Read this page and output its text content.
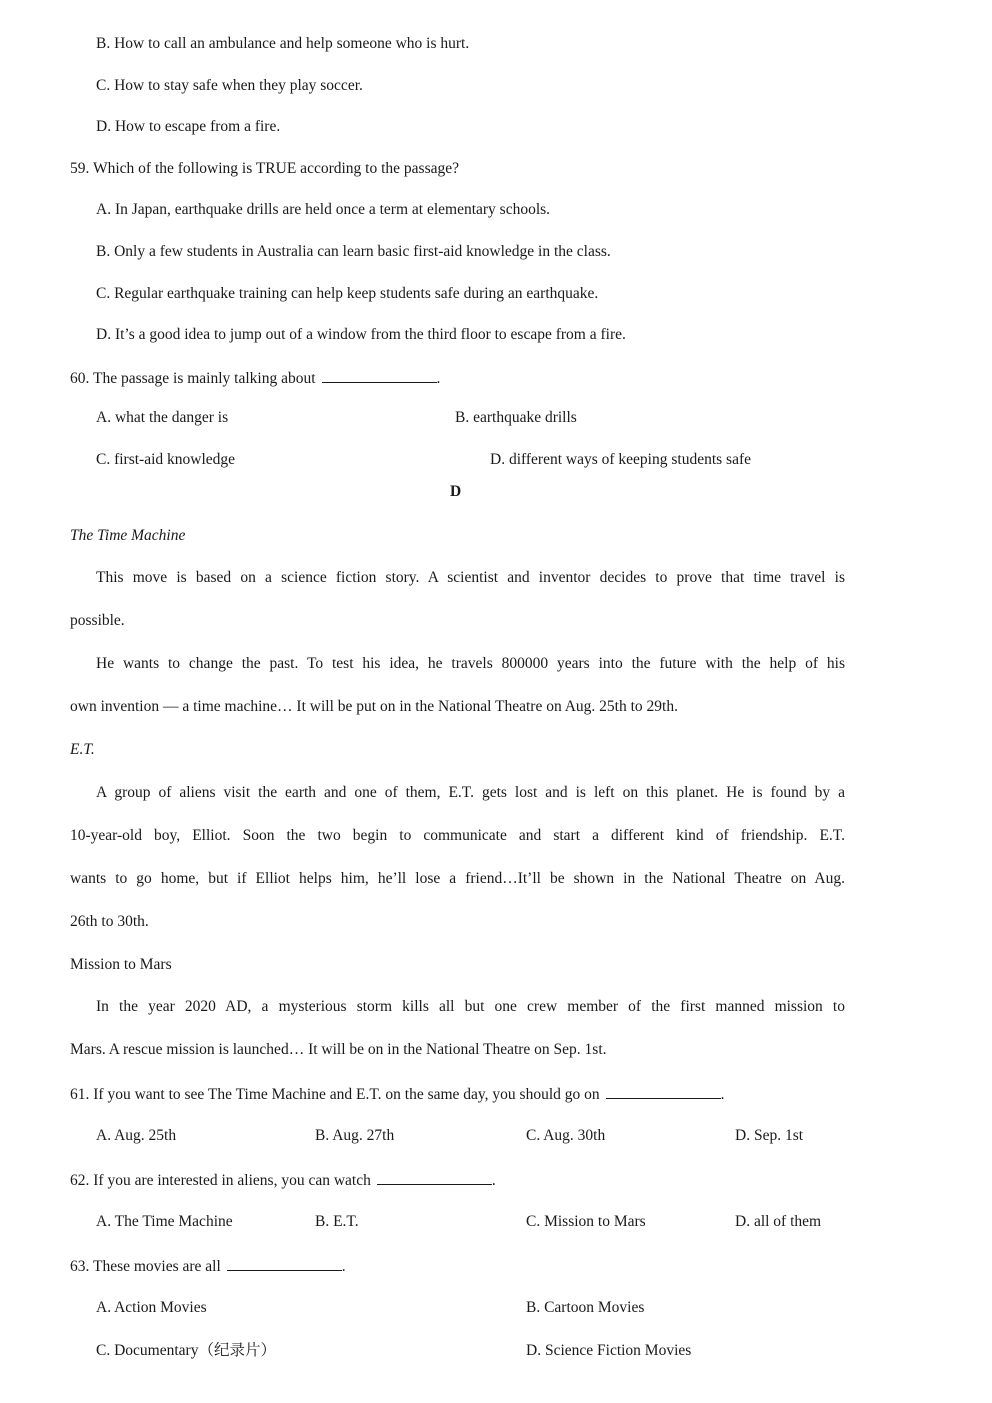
B. How to call an ambulance and help someone who is hurt.
C. How to stay safe when they play soccer.
D. How to escape from a fire.
59. Which of the following is TRUE according to the passage?
A. In Japan, earthquake drills are held once a term at elementary schools.
B. Only a few students in Australia can learn basic first-aid knowledge in the class.
C. Regular earthquake training can help keep students safe during an earthquake.
D. It’s a good idea to jump out of a window from the third floor to escape from a fire.
60. The passage is mainly talking about	.
A. what the danger is	B. earthquake drills
C. first-aid knowledge	D. different ways of keeping students safe
D
The Time Machine
This move is based on a science fiction story. A scientist and inventor decides to prove that time travel is
possible.
He wants to change the past. To test his idea, he travels 800000 years into the future with the help of his
own invention — a time machine… It will be put on in the National Theatre on Aug. 25th to 29th.
E.T.
A group of aliens visit the earth and one of them, E.T. gets lost and is left on this planet. He is found by a
10-year-old boy, Elliot. Soon the two begin to communicate and start a different kind of friendship. E.T.
wants to go home, but if Elliot helps him, he’ll lose a friend…It’ll be shown in the National Theatre on Aug.
26th to 30th.
Mission to Mars
In the year 2020 AD, a mysterious storm kills all but one crew member of the first manned mission to
Mars. A rescue mission is launched… It will be on in the National Theatre on Sep. 1st.
61. If you want to see The Time Machine and E.T. on the same day, you should go on	.
A. Aug. 25th	B. Aug. 27th	C. Aug. 30th	D. Sep. 1st
62. If you are interested in aliens, you can watch	.
A. The Time Machine	B. E.T.	C. Mission to Mars	D. all of them
63. These movies are all	.
A. Action Movies	B. Cartoon Movies
C. Documentary（纪录片）	D. Science Fiction Movies
